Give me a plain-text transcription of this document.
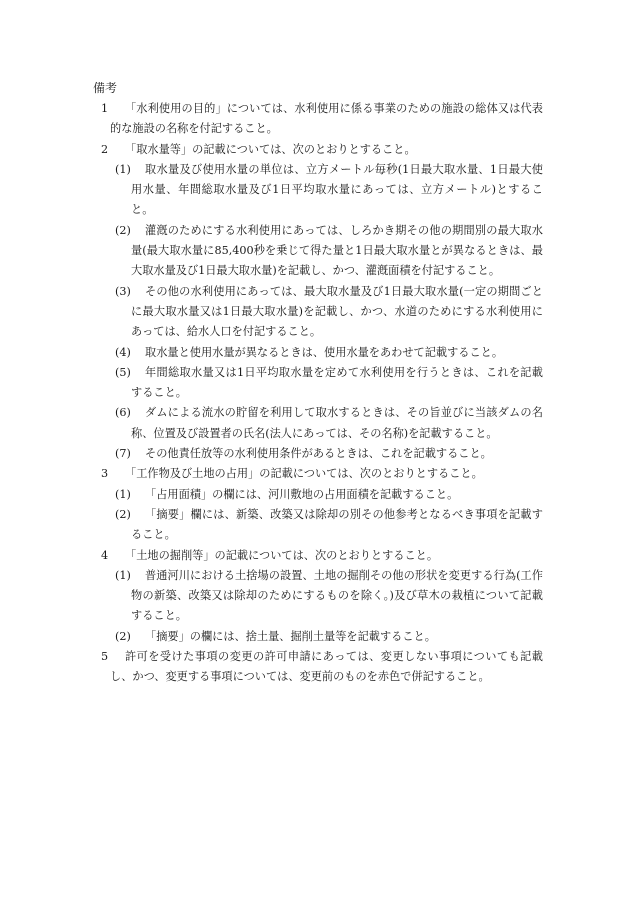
備考
1	「水利使用の目的」については、水利使用に係る事業のための施設の総体又は代表的な施設の名称を付記すること。
2	「取水量等」の記載については、次のとおりとすること。
(1)	取水量及び使用水量の単位は、立方メートル毎秒(1日最大取水量、1日最大使用水量、年間総取水量及び1日平均取水量にあっては、立方メートル)とすること。
(2)	灌漑のためにする水利使用にあっては、しろかき期その他の期間別の最大取水量(最大取水量に85,400秒を乗じて得た量と1日最大取水量とが異なるときは、最大取水量及び1日最大取水量)を記載し、かつ、灌漑面積を付記すること。
(3)	その他の水利使用にあっては、最大取水量及び1日最大取水量(一定の期間ごとに最大取水量又は1日最大取水量)を記載し、かつ、水道のためにする水利使用にあっては、給水人口を付記すること。
(4)	取水量と使用水量が異なるときは、使用水量をあわせて記載すること。
(5)	年間総取水量又は1日平均取水量を定めて水利使用を行うときは、これを記載すること。
(6)	ダムによる流水の貯留を利用して取水するときは、その旨並びに当該ダムの名称、位置及び設置者の氏名(法人にあっては、その名称)を記載すること。
(7)	その他責任放等の水利使用条件があるときは、これを記載すること。
3	「工作物及び土地の占用」の記載については、次のとおりとすること。
(1)	「占用面積」の欄には、河川敷地の占用面積を記載すること。
(2)	「摘要」欄には、新築、改築又は除却の別その他参考となるべき事項を記載すること。
4	「土地の掘削等」の記載については、次のとおりとすること。
(1)	普通河川における土捨場の設置、土地の掘削その他の形状を変更する行為(工作物の新築、改築又は除却のためにするものを除く。)及び草木の栽植について記載すること。
(2)	「摘要」の欄には、捨土量、掘削土量等を記載すること。
5	許可を受けた事項の変更の許可申請にあっては、変更しない事項についても記載し、かつ、変更する事項については、変更前のものを赤色で併記すること。
